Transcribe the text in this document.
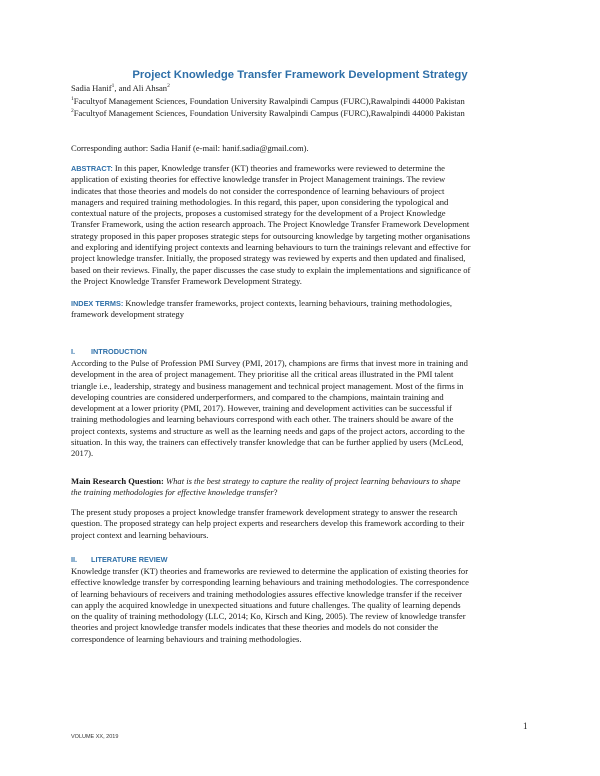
Project Knowledge Transfer Framework Development Strategy
Sadia Hanif$^1$, and Ali Ahsan$^2$
$^1$Facultyof Management Sciences, Foundation University Rawalpindi Campus (FURC),Rawalpindi 44000 Pakistan
$^2$Facultyof Management Sciences, Foundation University Rawalpindi Campus (FURC),Rawalpindi 44000 Pakistan
Corresponding author: Sadia Hanif (e-mail: hanif.sadia@gmail.com).
ABSTRACT: In this paper, Knowledge transfer (KT) theories and frameworks were reviewed to determine the
application of existing theories for effective knowledge transfer in Project Management trainings. The review
indicates that those theories and models do not consider the correspondence of learning behaviours of project
managers and required training methodologies. In this regard, this paper, upon considering the typological and
contextual nature of the projects, proposes a customised strategy for the development of a Project Knowledge
Transfer Framework, using the action research approach. The Project Knowledge Transfer Framework Development
strategy proposed in this paper proposes strategic steps for outsourcing knowledge by targeting mother organisations
and exploring and identifying project contexts and learning behaviours to turn the trainings relevant and effective for
project knowledge transfer. Initially, the proposed strategy was reviewed by experts and then updated and finalised,
based on their reviews. Finally, the paper discusses the case study to explain the implementations and significance of
the Project Knowledge Transfer Framework Development Strategy.
INDEX TERMS: Knowledge transfer frameworks, project contexts, learning behaviours, training methodologies,
framework development strategy
I. INTRODUCTION
According to the Pulse of Profession PMI Survey (PMI, 2017), champions are firms that invest more in training and
development in the area of project management. They prioritise all the critical areas illustrated in the PMI talent
triangle i.e., leadership, strategy and business management and technical project management. Most of the firms in
developing countries are considered underperformers, and compared to the champions, maintain training and
development at a lower priority (PMI, 2017). However, training and development activities can be successful if
training methodologies and learning behaviours correspond with each other. The trainers should be aware of the
project contexts, systems and structure as well as the learning needs and gaps of the project actors, according to the
situation. In this way, the trainers can effectively transfer knowledge that can be further applied by users (McLeod,
2017).
Main Research Question: What is the best strategy to capture the reality of project learning behaviours to shape
the training methodologies for effective knowledge transfer?
The present study proposes a project knowledge transfer framework development strategy to answer the research
question. The proposed strategy can help project experts and researchers develop this framework according to their
project context and learning behaviours.
II. LITERATURE REVIEW
Knowledge transfer (KT) theories and frameworks are reviewed to determine the application of existing theories for
effective knowledge transfer by corresponding learning behaviours and training methodologies. The correspondence
of learning behaviours of receivers and training methodologies assures effective knowledge transfer if the receiver
can apply the acquired knowledge in unexpected situations and future challenges. The quality of learning depends
on the quality of training methodology (LLC, 2014; Ko, Kirsch and King, 2005). The review of knowledge transfer
theories and project knowledge transfer models indicates that these theories and models do not consider the
correspondence of learning behaviours and training methodologies.
1
VOLUME XX, 2019
